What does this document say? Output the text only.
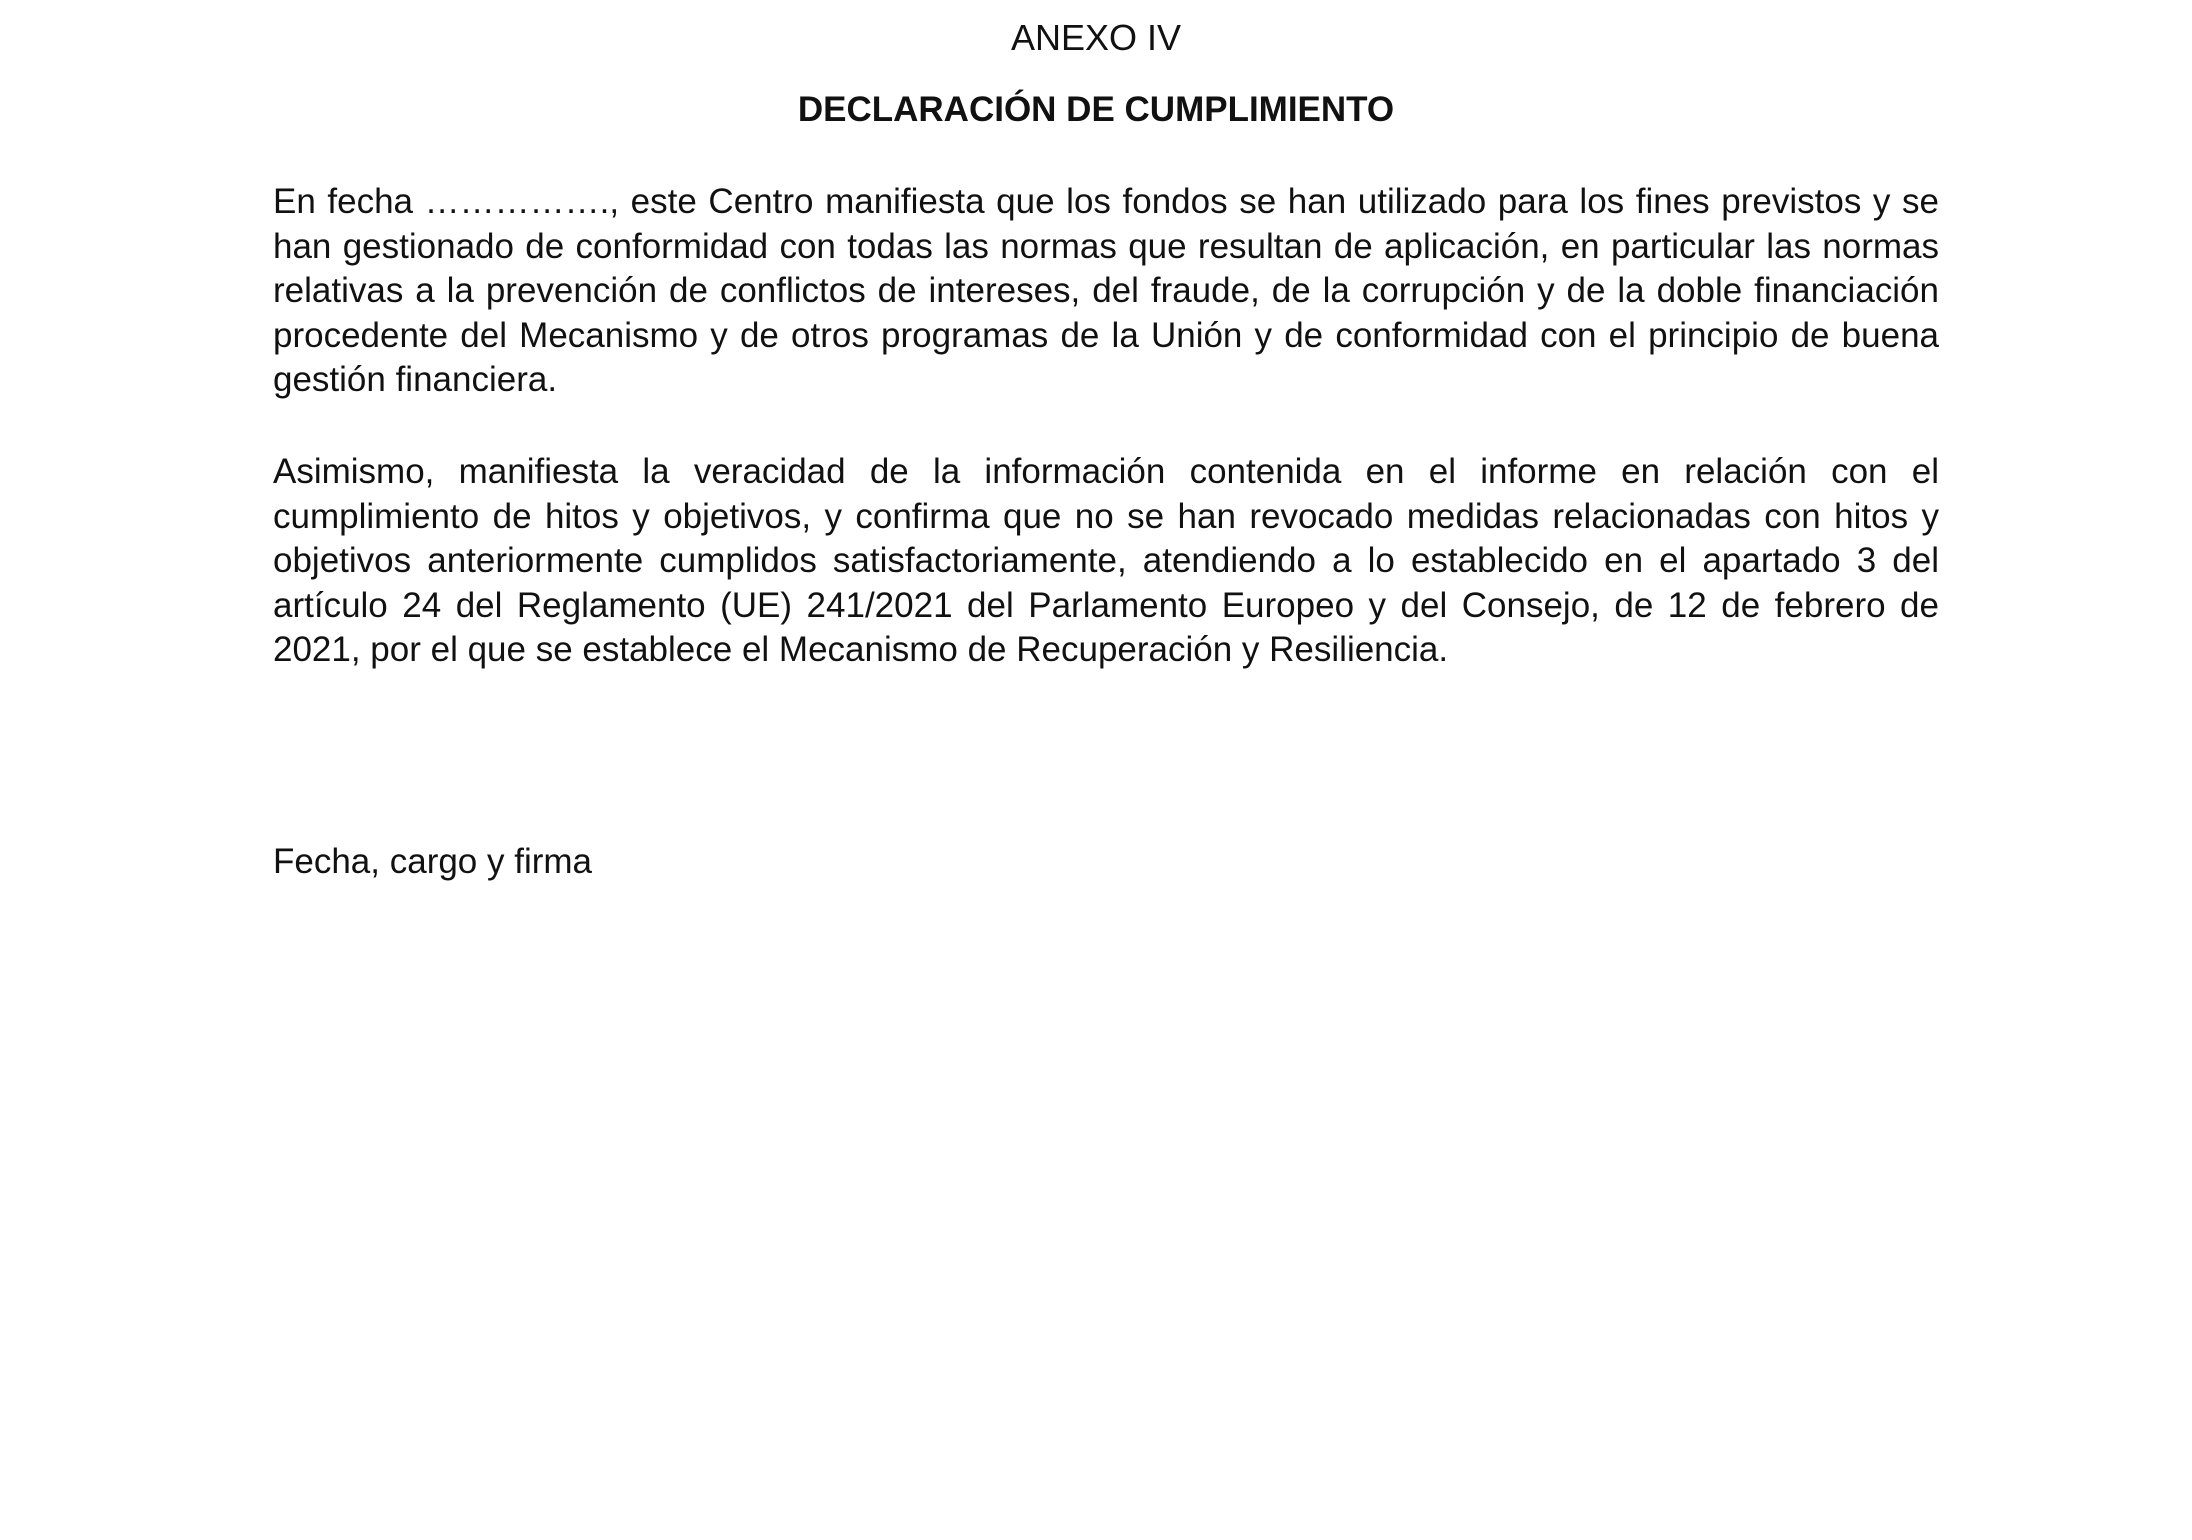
ANEXO IV
DECLARACIÓN DE CUMPLIMIENTO

En fecha ……………., este Centro manifiesta que los fondos se han utilizado para los fines previstos y se han gestionado de conformidad con todas las normas que resultan de aplicación, en particular las normas relativas a la prevención de conflictos de intereses, del fraude, de la corrupción y de la doble financiación procedente del Mecanismo y de otros programas de la Unión y de conformidad con el principio de buena gestión financiera.

Asimismo, manifiesta la veracidad de la información contenida en el informe en relación con el cumplimiento de hitos y objetivos, y confirma que no se han revocado medidas relacionadas con hitos y objetivos anteriormente cumplidos satisfactoriamente, atendiendo a lo establecido en el apartado 3 del artículo 24 del Reglamento (UE) 241/2021 del Parlamento Europeo y del Consejo, de 12 de febrero de 2021, por el que se establece el Mecanismo de Recuperación y Resiliencia.

Fecha, cargo y firma
